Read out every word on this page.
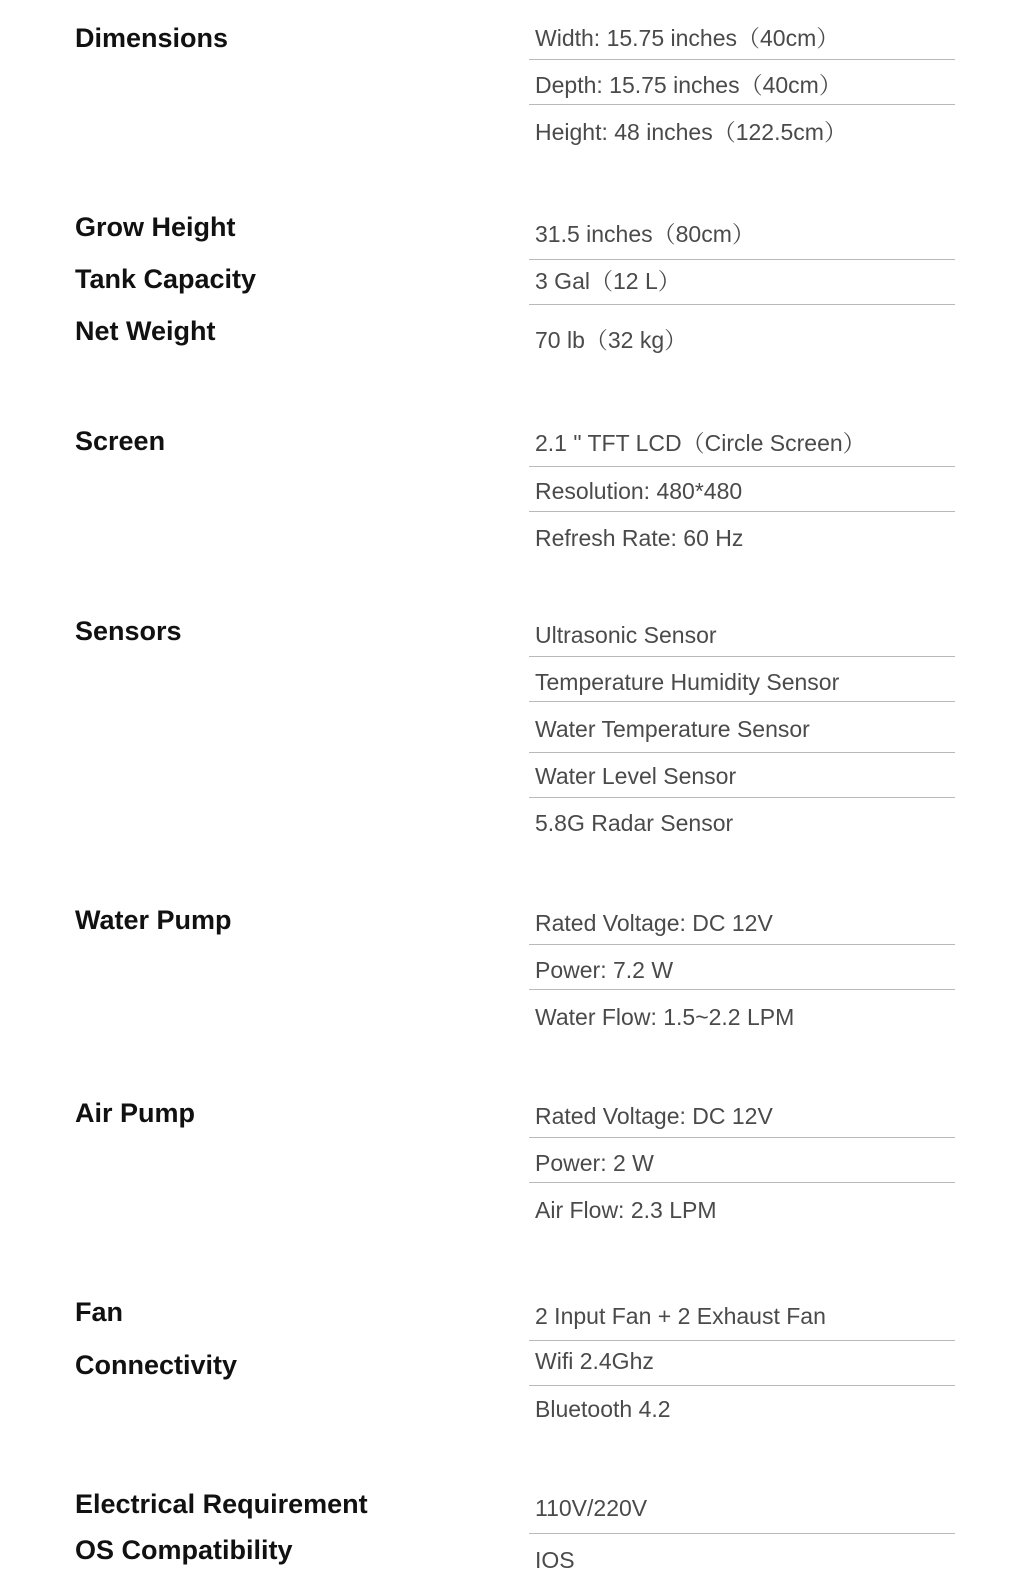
Dimensions	Width: 15.75 inches（40cm）
Depth: 15.75 inches（40cm）
Height: 48 inches（122.5cm）
Grow Height	31.5 inches（80cm）
Tank Capacity	3 Gal（12 L）
Net Weight	70 lb（32 kg）
Screen	2.1 " TFT LCD（Circle Screen）
Resolution: 480*480
Refresh Rate: 60 Hz
Sensors	Ultrasonic Sensor
Temperature Humidity Sensor
Water Temperature Sensor
Water Level Sensor
5.8G Radar Sensor
Water Pump	Rated Voltage: DC 12V
Power: 7.2 W
Water Flow: 1.5~2.2 LPM
Air Pump	Rated Voltage: DC 12V
Power: 2 W
Air Flow: 2.3 LPM
Fan	2 Input Fan + 2 Exhaust Fan
Connectivity	Wifi 2.4Ghz
Bluetooth 4.2
Electrical Requirement	110V/220V
OS Compatibility	IOS
